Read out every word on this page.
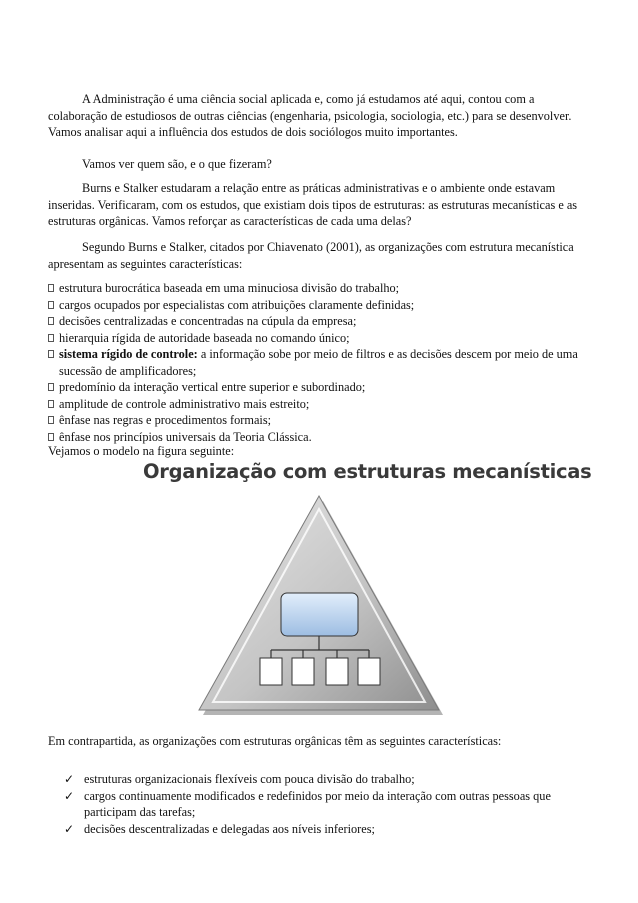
A Administração é uma ciência social aplicada e, como já estudamos até aqui, contou com a colaboração de estudiosos de outras ciências (engenharia, psicologia, sociologia, etc.) para se desenvolver. Vamos analisar aqui a influência dos estudos de dois sociólogos muito importantes.

Vamos ver quem são, e o que fizeram?

Burns e Stalker estudaram a relação entre as práticas administrativas e o ambiente onde estavam inseridas. Verificaram, com os estudos, que existiam dois tipos de estruturas: as estruturas mecanísticas e as estruturas orgânicas. Vamos reforçar as características de cada uma delas?

Segundo Burns e Stalker, citados por Chiavenato (2001), as organizações com estrutura mecanística apresentam as seguintes características:

estrutura burocrática baseada em uma minuciosa divisão do trabalho;
cargos ocupados por especialistas com atribuições claramente definidas;
decisões centralizadas e concentradas na cúpula da empresa;
hierarquia rígida de autoridade baseada no comando único;
sistema rígido de controle: a informação sobe por meio de filtros e as decisões descem por meio de uma sucessão de amplificadores;
predomínio da interação vertical entre superior e subordinado;
amplitude de controle administrativo mais estreito;
ênfase nas regras e procedimentos formais;
ênfase nos princípios universais da Teoria Clássica.

Vejamos o modelo na figura seguinte:

Organização com estruturas mecanísticas

Em contrapartida, as organizações com estruturas orgânicas têm as seguintes características:

✓ estruturas organizacionais flexíveis com pouca divisão do trabalho;
✓ cargos continuamente modificados e redefinidos por meio da interação com outras pessoas que participam das tarefas;
✓ decisões descentralizadas e delegadas aos níveis inferiores;
